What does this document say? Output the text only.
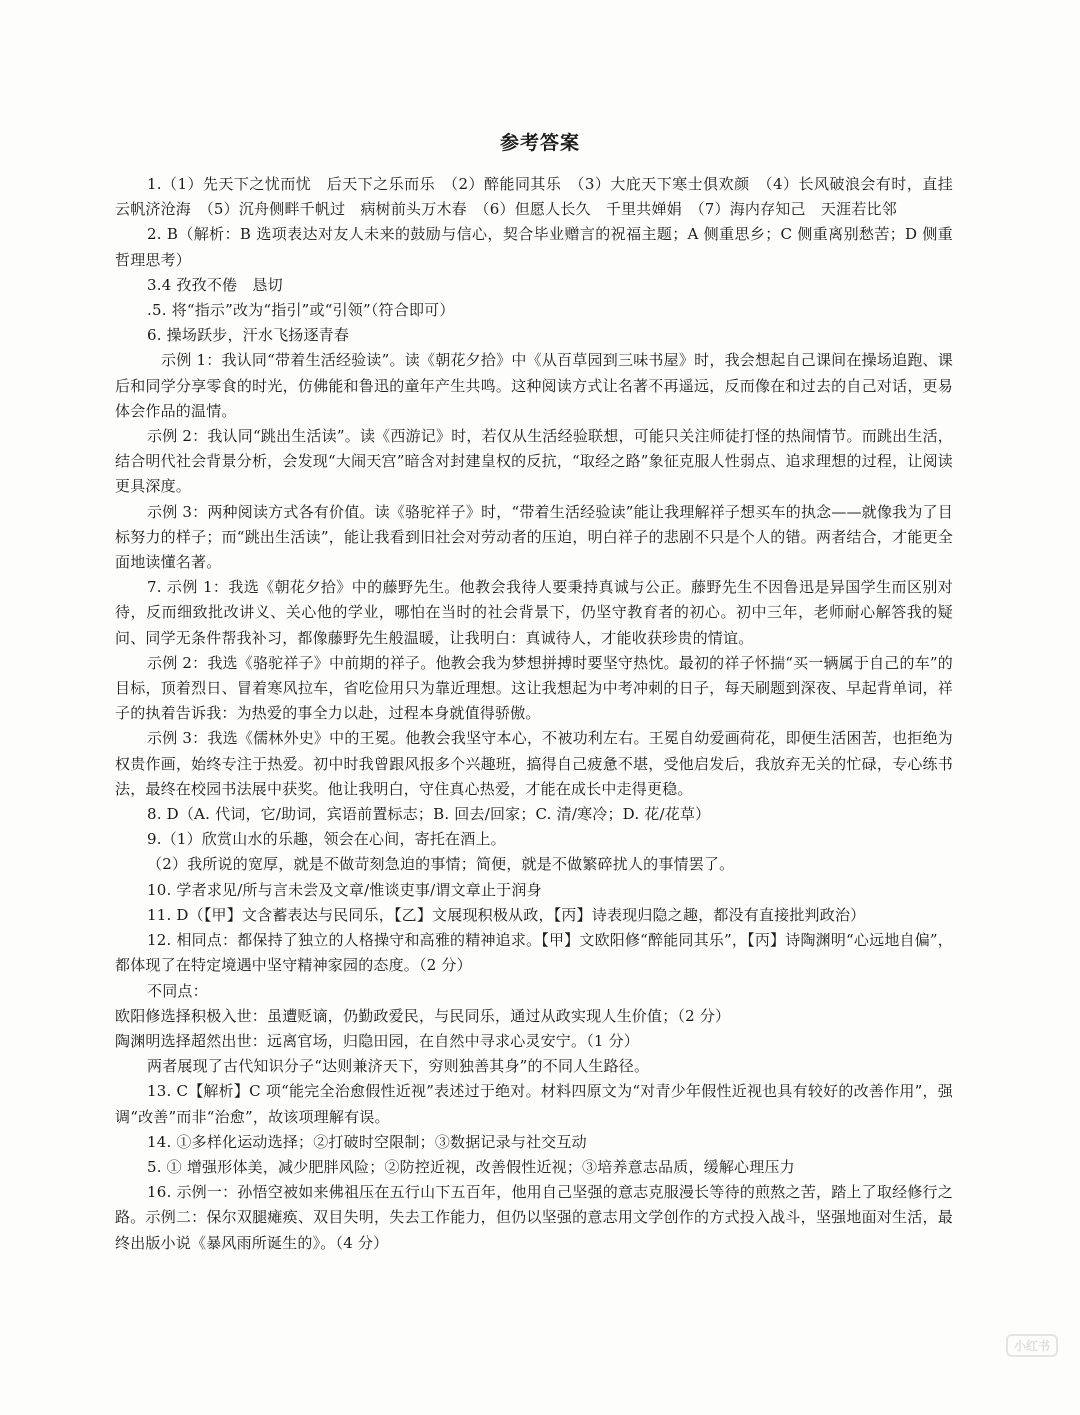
参考答案

1.（1）先天下之忧而忧　后天下之乐而乐　（2）醉能同其乐　（3）大庇天下寒士俱欢颜　（4）长风破浪会有时，直挂云帆济沧海　（5）沉舟侧畔千帆过　病树前头万木春　（6）但愿人长久　千里共婵娟　（7）海内存知己　天涯若比邻

2. B（解析：B 选项表达对友人未来的鼓励与信心，契合毕业赠言的祝福主题；A 侧重思乡；C 侧重离别愁苦；D 侧重哲理思考）

3.4 孜孜不倦　恳切

.5. 将“指示”改为“指引”或“引领”（符合即可）

6. 操场跃步，汗水飞扬逐青春

示例 1：我认同“带着生活经验读”。读《朝花夕拾》中《从百草园到三味书屋》时，我会想起自己课间在操场追跑、课后和同学分享零食的时光，仿佛能和鲁迅的童年产生共鸣。这种阅读方式让名著不再遥远，反而像在和过去的自己对话，更易体会作品的温情。

示例 2：我认同“跳出生活读”。读《西游记》时，若仅从生活经验联想，可能只关注师徒打怪的热闹情节。而跳出生活，结合明代社会背景分析，会发现“大闹天宫”暗含对封建皇权的反抗，“取经之路”象征克服人性弱点、追求理想的过程，让阅读更具深度。

示例 3：两种阅读方式各有价值。读《骆驼祥子》时，“带着生活经验读”能让我理解祥子想买车的执念——就像我为了目标努力的样子；而“跳出生活读”，能让我看到旧社会对劳动者的压迫，明白祥子的悲剧不只是个人的错。两者结合，才能更全面地读懂名著。

7. 示例 1：我选《朝花夕拾》中的藤野先生。他教会我待人要秉持真诚与公正。藤野先生不因鲁迅是异国学生而区别对待，反而细致批改讲义、关心他的学业，哪怕在当时的社会背景下，仍坚守教育者的初心。初中三年，老师耐心解答我的疑问、同学无条件帮我补习，都像藤野先生般温暖，让我明白：真诚待人，才能收获珍贵的情谊。

示例 2：我选《骆驼祥子》中前期的祥子。他教会我为梦想拼搏时要坚守热忱。最初的祥子怀揣“买一辆属于自己的车”的目标，顶着烈日、冒着寒风拉车，省吃俭用只为靠近理想。这让我想起为中考冲刺的日子，每天刷题到深夜、早起背单词，祥子的执着告诉我：为热爱的事全力以赴，过程本身就值得骄傲。

示例 3：我选《儒林外史》中的王冕。他教会我坚守本心，不被功利左右。王冕自幼爱画荷花，即便生活困苦，也拒绝为权贵作画，始终专注于热爱。初中时我曾跟风报多个兴趣班，搞得自己疲惫不堪，受他启发后，我放弃无关的忙碌，专心练书法，最终在校园书法展中获奖。他让我明白，守住真心热爱，才能在成长中走得更稳。

8. D（A. 代词，它/助词，宾语前置标志；B. 回去/回家；C. 清/寒冷；D. 花/花草）

9.（1）欣赏山水的乐趣，领会在心间，寄托在酒上。

（2）我所说的宽厚，就是不做苛刻急迫的事情；简便，就是不做繁碎扰人的事情罢了。

10. 学者求见/所与言未尝及文章/惟谈吏事/谓文章止于润身

11. D（【甲】文含蓄表达与民同乐，【乙】文展现积极从政，【丙】诗表现归隐之趣，都没有直接批判政治）

12. 相同点：都保持了独立的人格操守和高雅的精神追求。【甲】文欧阳修“醉能同其乐”，【丙】诗陶渊明“心远地自偏”，都体现了在特定境遇中坚守精神家园的态度。（2 分）

不同点：

欧阳修选择积极入世：虽遭贬谪，仍勤政爱民，与民同乐，通过从政实现人生价值；（2 分）

陶渊明选择超然出世：远离官场，归隐田园，在自然中寻求心灵安宁。（1 分）

两者展现了古代知识分子“达则兼济天下，穷则独善其身”的不同人生路径。

13. C【解析】C 项“能完全治愈假性近视”表述过于绝对。材料四原文为“对青少年假性近视也具有较好的改善作用”，强调“改善”而非“治愈”，故该项理解有误。

14. ①多样化运动选择；②打破时空限制；③数据记录与社交互动

5. ① 增强形体美，减少肥胖风险；②防控近视，改善假性近视；③培养意志品质，缓解心理压力

16. 示例一：孙悟空被如来佛祖压在五行山下五百年，他用自己坚强的意志克服漫长等待的煎熬之苦，踏上了取经修行之路。示例二：保尔双腿瘫痪、双目失明，失去工作能力，但仍以坚强的意志用文学创作的方式投入战斗，坚强地面对生活，最终出版小说《暴风雨所诞生的》。（4 分）

小红书
